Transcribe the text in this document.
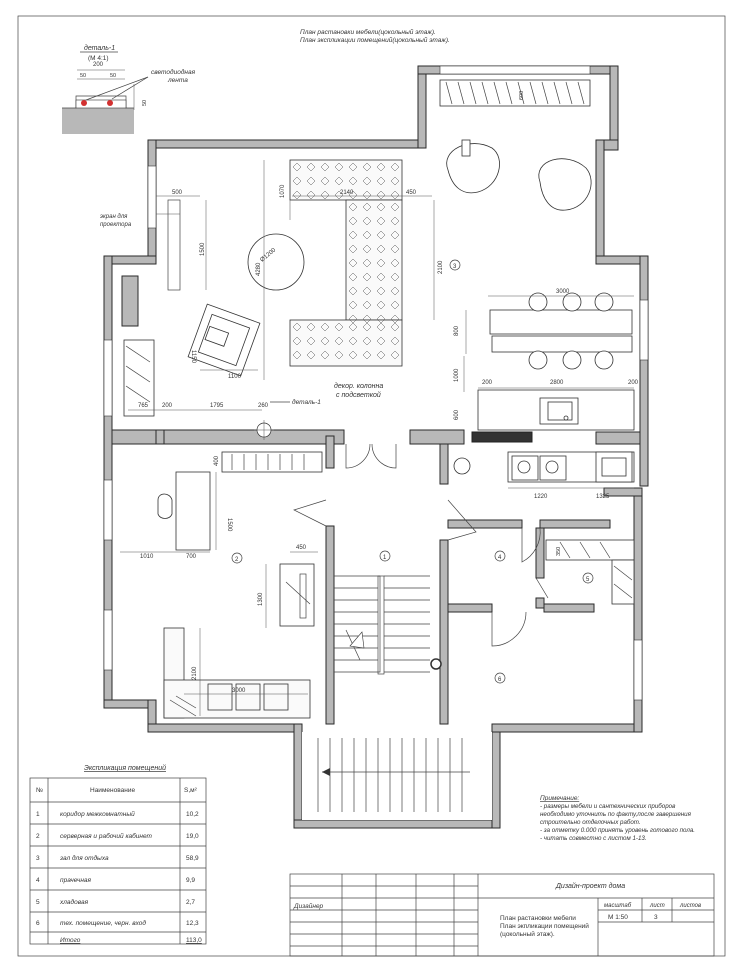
План растановки мебели(цокольный этаж).
План экспликации помещений(цокольный этаж).
деталь-1
(М 4:1)
200
50	50
50
светодиодная
лента
600
Ø1200
экран для
проектора
деталь-1
декор. колонна
с подсветкой
500	1070	2140	450
1500
4280	2100
3000
800
1150
1100	1000
200	2800	200
765 200	1795	260
600
400
1500
1010	700
450
1300
2100
3000
1220	1325
350
3
2	1	4
5
6
Экспликация помещений
№	Наименование	S,м²
1	коридор межкомнатный	10,2
2	серверная и рабочий кабинет	19,0
3	зал для отдыха	58,9
4	прачечная	9,9
5	хладовая	2,7
6	тех. помещение, черн. вход	12,3
Итого	113,0
Примечание:
- размеры мебели и сантехнических приборов
необходимо уточнить по факту,после завершения
строительно отделочных работ.
- за отметку 0.000 принять уровень готового пола.
- читать совместно с листом 1-13.
Дизайн-проект дома
Дизайнер
План растановки мебели
План экпликации помещений
(цокольный этаж).
масштаб	лист	листов
М 1:50	3
